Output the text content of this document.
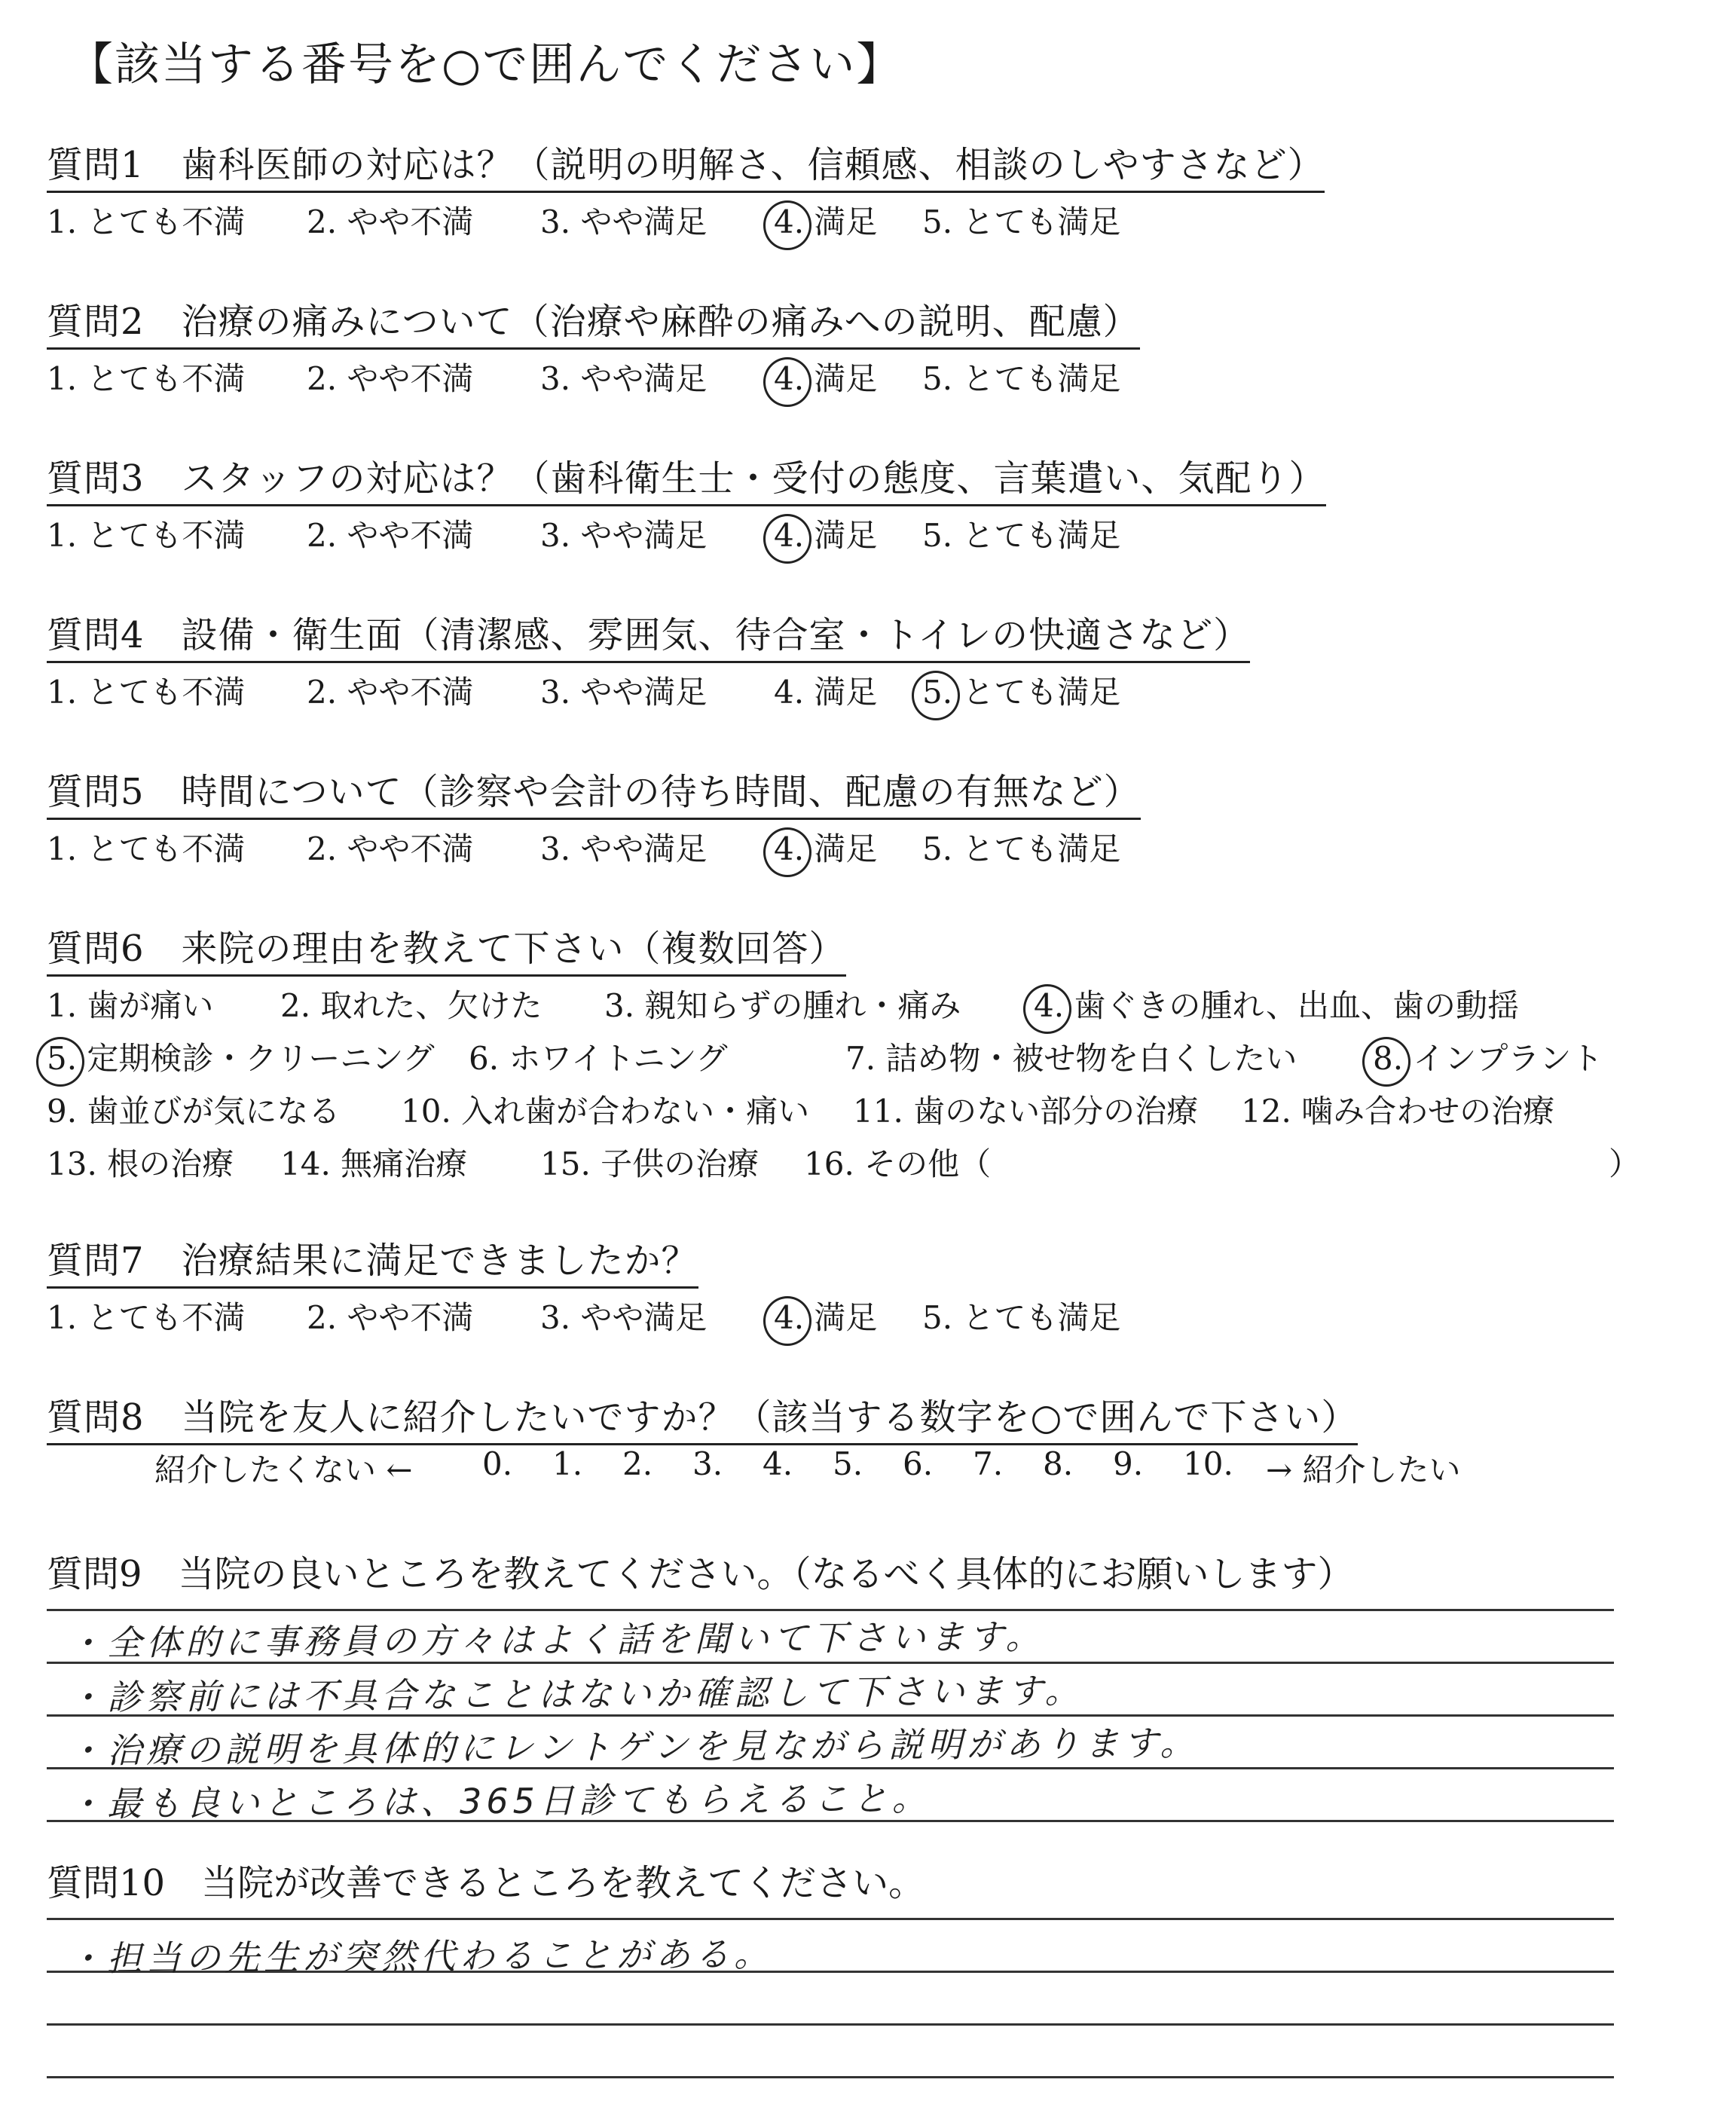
【該当する番号を○で囲んでください】
質問1　歯科医師の対応は？（説明の明解さ、信頼感、相談のしやすさなど）
1. とても不満 2. やや不満 3. やや満足 4. 満足 5. とても満足
質問2　治療の痛みについて（治療や麻酔の痛みへの説明、配慮）
1. とても不満 2. やや不満 3. やや満足 4. 満足 5. とても満足
質問3　スタッフの対応は？（歯科衛生士・受付の態度、言葉遣い、気配り）
1. とても不満 2. やや不満 3. やや満足 4. 満足 5. とても満足
質問4　設備・衛生面（清潔感、雰囲気、待合室・トイレの快適さなど）
1. とても不満 2. やや不満 3. やや満足 4. 満足 5. とても満足
質問5　時間について（診察や会計の待ち時間、配慮の有無など）
1. とても不満 2. やや不満 3. やや満足 4. 満足 5. とても満足
質問6　来院の理由を教えて下さい（複数回答）
1. 歯が痛い 2. 取れた、欠けた 3. 親知らずの腫れ・痛み 4. 歯ぐきの腫れ、出血、歯の動揺
5. 定期検診・クリーニング 6. ホワイトニング	7. 詰め物・被せ物を白くしたい 8. インプラント
9. 歯並びが気になる 10. 入れ歯が合わない・痛い 11. 歯のない部分の治療 12. 噛み合わせの治療
13. 根の治療 14. 無痛治療 15. 子供の治療 16. その他（	）
質問7　治療結果に満足できましたか？
1. とても不満 2. やや不満 3. やや満足 4. 満足 5. とても満足
質問8　当院を友人に紹介したいですか？（該当する数字を○で囲んで下さい）
紹介したくない ← 0. 1. 2. 3. 4. 5. 6. 7. 8. 9. 10. → 紹介したい
質問9　当院の良いところを教えてください。（なるべく具体的にお願いします）
・全体的に事務員の方々はよく話を聞いて下さいます。
・診察前には不具合なことはないか確認して下さいます。
・治療の説明を具体的にレントゲンを見ながら説明があります。
・最も良いところは、365日診てもらえること。
質問10　当院が改善できるところを教えてください。
・担当の先生が突然代わることがある。
